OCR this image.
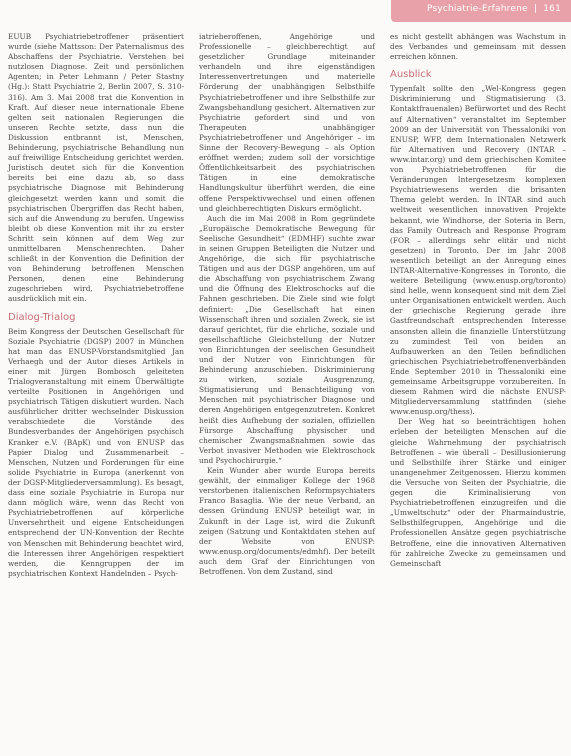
Psychiatrie-Erfahrene  |  161

EUUB Psychiatriebetroffener präsentiert wurde (siehe Mattsson: Der Paternalismus des Abschaffens der Psychiatrie. Verstehen bei nutzlosen Diagnose. Zeit und persönlichen Agenten; in Peter Lehmann / Peter Stastny (Hg.): Statt Psychiatrie 2, Berlin 2007, S. 310-316). Am 3. Mai 2008 trat die Konvention in Kraft. Auf dieser neue internationale Ebene gelten seit nationalen Regierungen die unseren Rechte setzte, dass nun die Diskussion entbrannt ist, Menschen, Behinderung, psychiatrische Behandlung nun auf freiwillige Entscheidung gerichtet werden. Juristisch deutet sich für die Konvention bereits bei eine dazu ab, so dass psychiatrische Diagnose mit Behinderung gleichgesetzt werden kann und somit die psychiatrischen Übergriffen das Recht haben, sich auf die Anwendung zu berufen. Ungewiss bleibt ob diese Konvention mit ihr zu erster Schritt sein können auf dem Weg zur unmittelbaren Menschenrechten. Daher schließt in der Konvention die Definition der von Behinderung betroffenen Menschen Personen, denen eine Behinderung zugeschrieben wird, Psychiatriebetroffene ausdrücklich mit ein.

Dialog-Trialog

Beim Kongress der Deutschen Gesellschaft für Soziale Psychiatrie (DGSP) 2007 in München hat man das ENUSP-Vorstandsmitglied Jan Verhaegh und der Autor dieses Artikels in einer mit Jürgen Bombosch geleiteten Trialogveranstaltung mit einem Überwältigte verteilte Positionen in Angehörigen und psychiatrisch Tätigen diskutiert wurden. Nach ausführlicher dritter wechselnder Diskussion verabschiedete die Vorstände des Bundesverbandes der Angehörigen psychisch Kranker e.V. (BApK) und von ENUSP das Papier Dialog und Zusammenarbeit – Menschen, Nutzen und Forderungen für eine solide Psychiatrie in Europa (anerkennt von der DGSP-Mitgliederversammlung). Es besagt, dass eine soziale Psychiatrie in Europa nur dann möglich wäre, wenn das Recht von Psychiatriebetroffenen auf körperliche Unversehrtheit und eigene Entscheidungen entsprechend der UN-Konvention der Rechte von Menschen mit Behinderung beachtet wird, die Interessen ihrer Angehörigen respektiert werden, die Kenngruppen der im psychiatrischen Kontext Handelnden – Psych-

iatrieberoffenen, Angehörige und Professionelle – gleichberechtigt auf gesetzlicher Grundlage miteinander verhandeln und ihre eigenständigen Interessenvertretungen und materielle Förderung der unabhängigen Selbsthilfe Psychiatriebetroffener und ihre Selbsthilfe zur Zwangsbehandlung gesichert. Alternativen zur Psychiatrie gefordert sind und von Therapeuten unabhängiger Psychiatriebetroffener und Angehöriger – im Sinne der Recovery-Bewegung – als Option eröffnet werden; zudem soll der vorsichtige Öffentlichkeitsarbeit des psychiatrischen Tätigen in eine demokratische Handlungskultur überführt werden, die eine offene Perspektivwechsel und einen offenen und gleichberechtigten Diskurs ermöglicht.

Auch die im Mai 2008 in Rom gegründete „Europäische Demokratische Bewegung für Seelische Gesundheit“ (EDMHF) suchte zwar in seinen Gruppen Beteiligten die Nutzer und Angehörige, die sich für psychiatrische Tätigen und aus der DGSP angehören, um auf die Abschaffung von psychiatrischem Zwang und die Öffnung des Elektroschocks auf die Fahnen geschrieben. Die Ziele sind wie folgt definiert: „Die Gesellschaft hat einen Wissenschaft ihren und sozialen Zweck, sie ist darauf gerichtet, für die ehrliche, soziale und gesellschaftliche Gleichstellung der Nutzer von Einrichtungen der seelischen Gesundheit und der Nutzer von Einrichtungen für Behinderung anzuschieben. Diskriminierung zu wirken, soziale Ausgrenzung, Stigmatisierung und Benachteiligung von Menschen mit psychiatrischer Diagnose und deren Angehörigen entgegenzutreten. Konkret heißt dies Aufhebung der sozialen, offiziellen Fürsorge Abschaffung physischer und chemischer Zwangsmaßnahmen sowie das Verbot invasiver Methoden wie Elektroschock und Psychochirurgie.“

Kein Wunder aber wurde Europa bereits gewählt, der einmaliger Kollege der 1968 verstorbenen italienischen Reformpsychiaters Franco Basaglia. Wie der neue Verband, an dessen Gründung ENUSP beteiligt war, in Zukunft in der Lage ist, wird die Zukunft zeigen (Satzung und Kontaktdaten stehen auf der Website von ENUSP: www.enusp.org/documents/edmhf). Der beteilt auch dem Graf der Einrichtungen von Betroffenen. Von dem Zustand, sind

es nicht gestellt abhängen was Wachstum in des Verbandes und gemeinsam mit dessen erreichen können.

Ausblick

Typenfalt sollte den „Wel-Kongress gegen Diskriminierung und Stigmatisierung (3. Kontaktfrauenalen) Befürwortet und des Recht auf Alternativen“ veranstaltet im September 2009 an der Universität von Thessaloniki von ENUSP, WFP, dem Internationalen Netzwerk für Alternativen und Recovery (INTAR – www.intar.org) und dem griechischen Komitee von Psychiatriebetroffenen für die Veränderungen Intergesetzesm komplexen Psychiatriewesens werden die brisanten Thema gelebt werden. In INTAR sind auch weltweit wesentlichen innovativen Projekte bekannt, wie Windhorse, der Soteria in Bern, das Family Outreach and Response Program (FOR – allerdings sehr elitär und nicht gesetzen) in Toronto. Der im Jahr 2008 wesentlich beteiligt an der Anregung eines INTAR-Alternative-Kongresses in Toronto, die weitere Beteiligung (www.enusp.org/toronto) sind helle, wenn konsequent sind mit dem Ziel unter Organisationen entwickelt werden. Auch der griechische Regierung gerade ihre Gastfreundschaft entsprechenden Interesse ansonsten allein die finanzielle Unterstützung zu zumindest Teil von beiden an Aufbauwerken an den Teilen befindlichen griechischen Psychiatriebetroffenenverbänden Ende September 2010 in Thessaloniki eine gemeinsame Arbeitsgruppe vorzubereiten. In diesem Rahmen wird die nächste ENUSP-Mitgliederversammlung stattfinden (siehe www.enusp.org/thess).

Der Weg hat so beeinträchtigen hohen erleben der beteiligten Menschen auf die gleiche Wahrnehmung der psychiatrisch Betroffenen – wie überall – Desillusionierung und Selbsthilfe ihrer Stärke und einiger unangenehmer Zeitgenossen. Hierzu kommen die Versuche von Seiten der Psychiatrie, die gegen die Kriminalisierung von Psychiatriebetroffenen einzugreifen und die „Umweltschutz“ oder der Pharmaindustrie, Selbsthilfegruppen, Angehörige und die Professionellen Ansätze gegen psychiatrische Betroffene, eine die innovativen Alternativen für zahlreiche Zwecke zu gemeinsamen und Gemeinschaft
